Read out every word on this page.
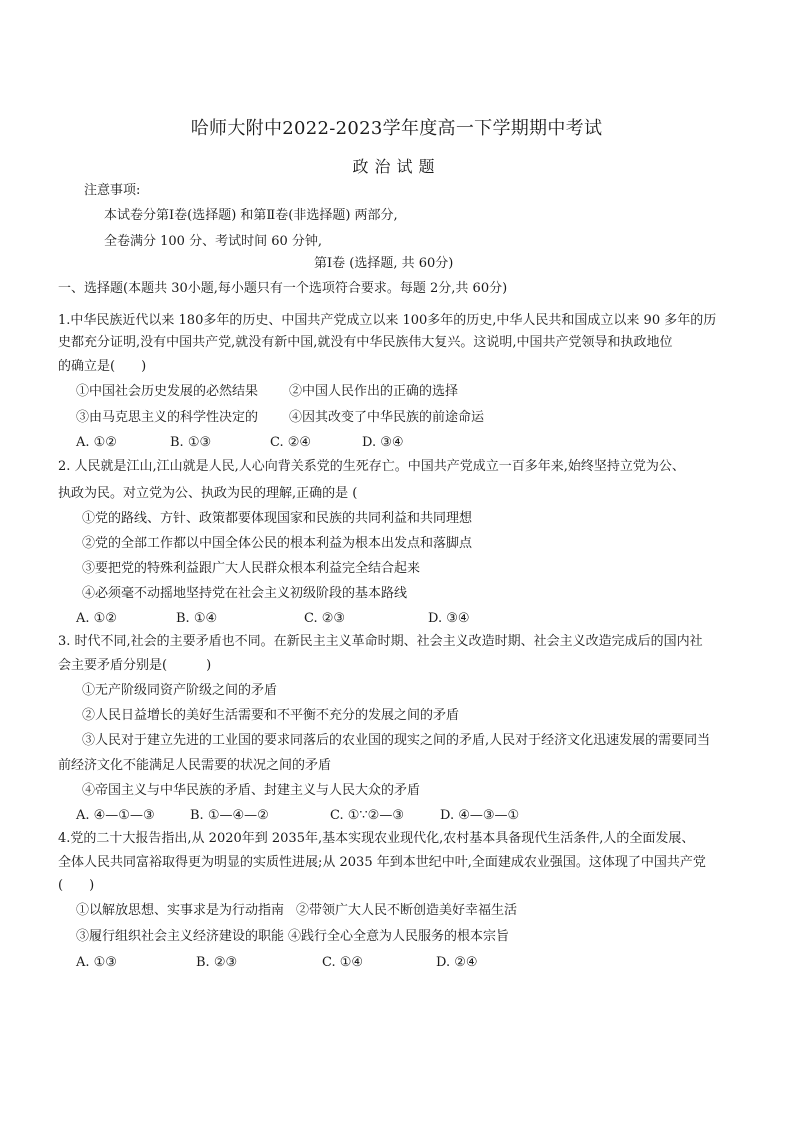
哈师大附中2022-2023学年度高一下学期期中考试
政治试题
注意事项:
本试卷分第Ⅰ卷(选择题) 和第Ⅱ卷(非选择题) 两部分,
全卷满分 100 分、考试时间 60 分钟,
第Ⅰ卷 (选择题, 共 60分)
一、选择题(本题共 30小题,每小题只有一个选项符合要求。每题 2分,共 60分)
1.中华民族近代以来 180多年的历史、中国共产党成立以来 100多年的历史,中华人民共和国成立以来 90 多年的历
史都充分证明,没有中国共产党,就没有新中国,就没有中华民族伟大复兴。这说明,中国共产党领导和执政地位
的确立是(　　)
①中国社会历史发展的必然结果 ②中国人民作出的正确的选择
③由马克思主义的科学性决定的 ④因其改变了中华民族的前途命运
A. ①②	B. ①③	C. ②④	D. ③④
2. 人民就是江山,江山就是人民,人心向背关系党的生死存亡。中国共产党成立一百多年来,始终坚持立党为公、
执政为民。对立党为公、执政为民的理解,正确的是 (
①党的路线、方针、政策都要体现国家和民族的共同利益和共同理想
②党的全部工作都以中国全体公民的根本利益为根本出发点和落脚点
③要把党的特殊利益跟广大人民群众根本利益完全结合起来
④必须毫不动摇地坚持党在社会主义初级阶段的基本路线
A. ①②	B. ①④	C. ②③	D. ③④
3. 时代不同,社会的主要矛盾也不同。在新民主主义革命时期、社会主义改造时期、社会主义改造完成后的国内社
会主要矛盾分别是(　　　)
①无产阶级同资产阶级之间的矛盾
②人民日益增长的美好生活需要和不平衡不充分的发展之间的矛盾
③人民对于建立先进的工业国的要求同落后的农业国的现实之间的矛盾,人民对于经济文化迅速发展的需要同当
前经济文化不能满足人民需要的状况之间的矛盾
④帝国主义与中华民族的矛盾、封建主义与人民大众的矛盾
A. ④—①—③	B. ①—④—②	C. ①∵②—③	D. ④—③—①
4.党的二十大报告指出,从 2020年到 2035年,基本实现农业现代化,农村基本具备现代生活条件,人的全面发展、
全体人民共同富裕取得更为明显的实质性进展;从 2035 年到本世纪中叶,全面建成农业强国。这体现了中国共产党
(　　)
①以解放思想、实事求是为行动指南 ②带领广大人民不断创造美好幸福生活
③履行组织社会主义经济建设的职能 ④践行全心全意为人民服务的根本宗旨
A. ①③	B. ②③	C. ①④	D. ②④
